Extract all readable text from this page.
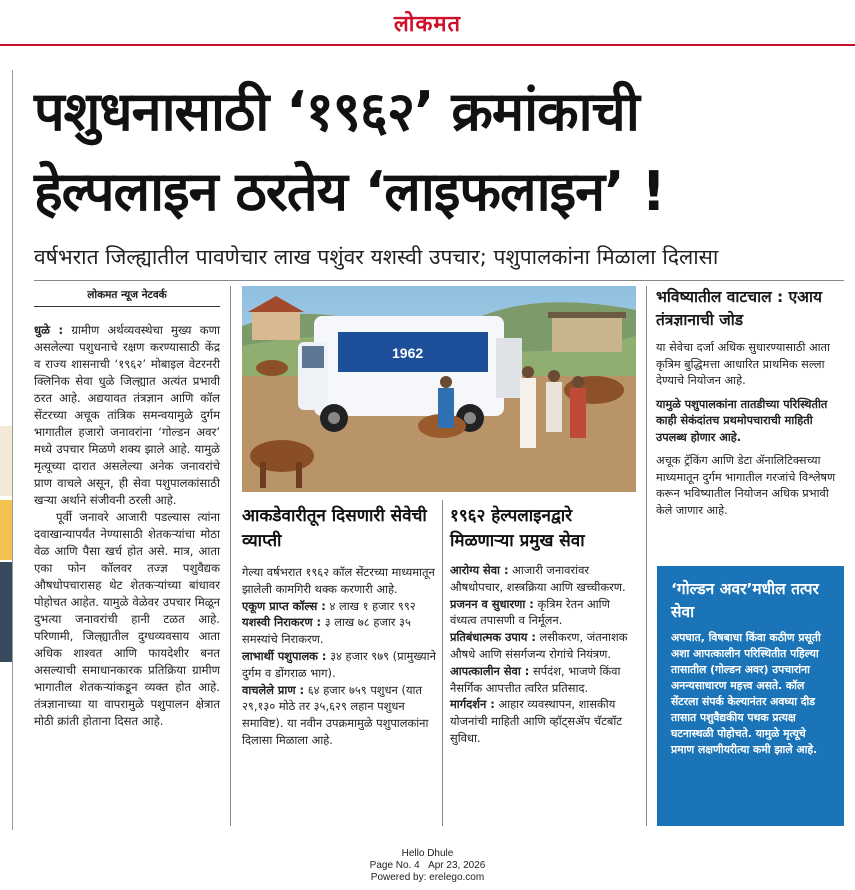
लोकमत
पशुधनासाठी ‘१९६२’ क्रमांकाची
हेल्पलाइन ठरतेय ‘लाइफलाइन’ !
वर्षभरात जिल्ह्यातील पावणेचार लाख पशुंवर यशस्वी उपचार; पशुपालकांना मिळाला दिलासा
लोकमत न्यूज नेटवर्क

धुळे : ग्रामीण अर्थव्यवस्थेचा मुख्य कणा असलेल्या पशुधनाचे रक्षण करण्यासाठी केंद्र व राज्य शासनाची ‘१९६२’ मोबाइल वेटरनरी क्लिनिक सेवा धुळे जिल्ह्यात अत्यंत प्रभावी ठरत आहे. अद्ययावत तंत्रज्ञान आणि कॉल सेंटरच्या अचूक तांत्रिक समन्वयामुळे दुर्गम भागातील हजारो जनावरांना ‘गोल्डन अवर’ मध्ये उपचार मिळणे शक्य झाले आहे. यामुळे मृत्यूच्या दारात असलेल्या अनेक जनावरांचे प्राण वाचले असून, ही सेवा पशुपालकांसाठी खऱ्या अर्थाने संजीवनी ठरली आहे.

पूर्वी जनावरे आजारी पडल्यास त्यांना दवाखान्यापर्यंत नेण्यासाठी शेतकऱ्यांचा मोठा वेळ आणि पैसा खर्च होत असे. मात्र, आता एका फोन कॉलवर तज्ज्ञ पशुवैद्यक औषधोपचारासह थेट शेतकऱ्यांच्या बांधावर पोहोचत आहेत. यामुळे वेळेवर उपचार मिळून दुभत्या जनावरांची हानी टळत आहे. परिणामी, जिल्ह्यातील दुग्धव्यवसाय आता अधिक शाश्वत आणि फायदेशीर बनत असल्याची समाधानकारक प्रतिक्रिया ग्रामीण भागातील शेतकऱ्यांकडून व्यक्त होत आहे. तंत्रज्ञानाच्या या वापरामुळे पशुपालन क्षेत्रात मोठी क्रांती होताना दिसत आहे.

1962
आकडेवारीतून दिसणारी सेवेची व्याप्ती

गेल्या वर्षभरात १९६२ कॉल सेंटरच्या माध्यमातून झालेली कामगिरी थक्क करणारी आहे.

एकूण प्राप्त कॉल्स : ४ लाख १ हजार ९९२

यशस्वी निराकरण : ३ लाख ७८ हजार ३५ समस्यांचे निराकरण.

लाभार्थी पशुपालक : ३४ हजार ९७९ (प्रामुख्याने दुर्गम व डोंगराळ भाग).

वाचलेले प्राण : ६४ हजार ७५९ पशुधन (यात २९,१३० मोठे तर ३५,६२९ लहान पशुधन समाविष्ट). या नवीन उपक्रमामुळे पशुपालकांना दिलासा मिळाला आहे.

१९६२ हेल्पलाइनद्वारे मिळणाऱ्या प्रमुख सेवा

आरोग्य सेवा : आजारी जनावरांवर औषधोपचार, शस्त्रक्रिया आणि खच्चीकरण.

प्रजनन व सुधारणा : कृत्रिम रेतन आणि वंध्यत्व तपासणी व निर्मूलन.

प्रतिबंधात्मक उपाय : लसीकरण, जंतनाशक औषधे आणि संसर्गजन्य रोगांचे नियंत्रण.

आपत्कालीन सेवा : सर्पदंश, भाजणे किंवा नैसर्गिक आपत्तीत त्वरित प्रतिसाद.

मार्गदर्शन : आहार व्यवस्थापन, शासकीय योजनांची माहिती आणि व्हॉट्सॲप चॅटबॉट सुविधा.

भविष्यातील वाटचाल : एआय तंत्रज्ञानाची जोड

या सेवेचा दर्जा अधिक सुधारण्यासाठी आता कृत्रिम बुद्धिमत्ता आधारित प्राथमिक सल्ला देण्याचे नियोजन आहे.

यामुळे पशुपालकांना तातडीच्या परिस्थितीत काही सेकंदांतच प्रथमोपचाराची माहिती उपलब्ध होणार आहे.

अचूक ट्रॅकिंग आणि डेटा ॲनालिटिक्सच्या माध्यमातून दुर्गम भागातील गरजांचे विश्लेषण करून भविष्यातील नियोजन अधिक प्रभावी केले जाणार आहे.

‘गोल्डन अवर’मधील तत्पर सेवा
अपघात, विषबाधा किंवा कठीण प्रसूती अशा आपत्कालीन परिस्थितीत पहिल्या तासातील (गोल्डन अवर) उपचारांना अनन्यसाधारण महत्त्व असते. कॉल सेंटरला संपर्क केल्यानंतर अवघ्या दीड तासात पशुवैद्यकीय पथक प्रत्यक्ष घटनास्थळी पोहोचते. यामुळे मृत्यूचे प्रमाण लक्षणीयरीत्या कमी झाले आहे.
Hello Dhule
Page No. 4 Apr 23, 2026
Powered by: erelego.com
